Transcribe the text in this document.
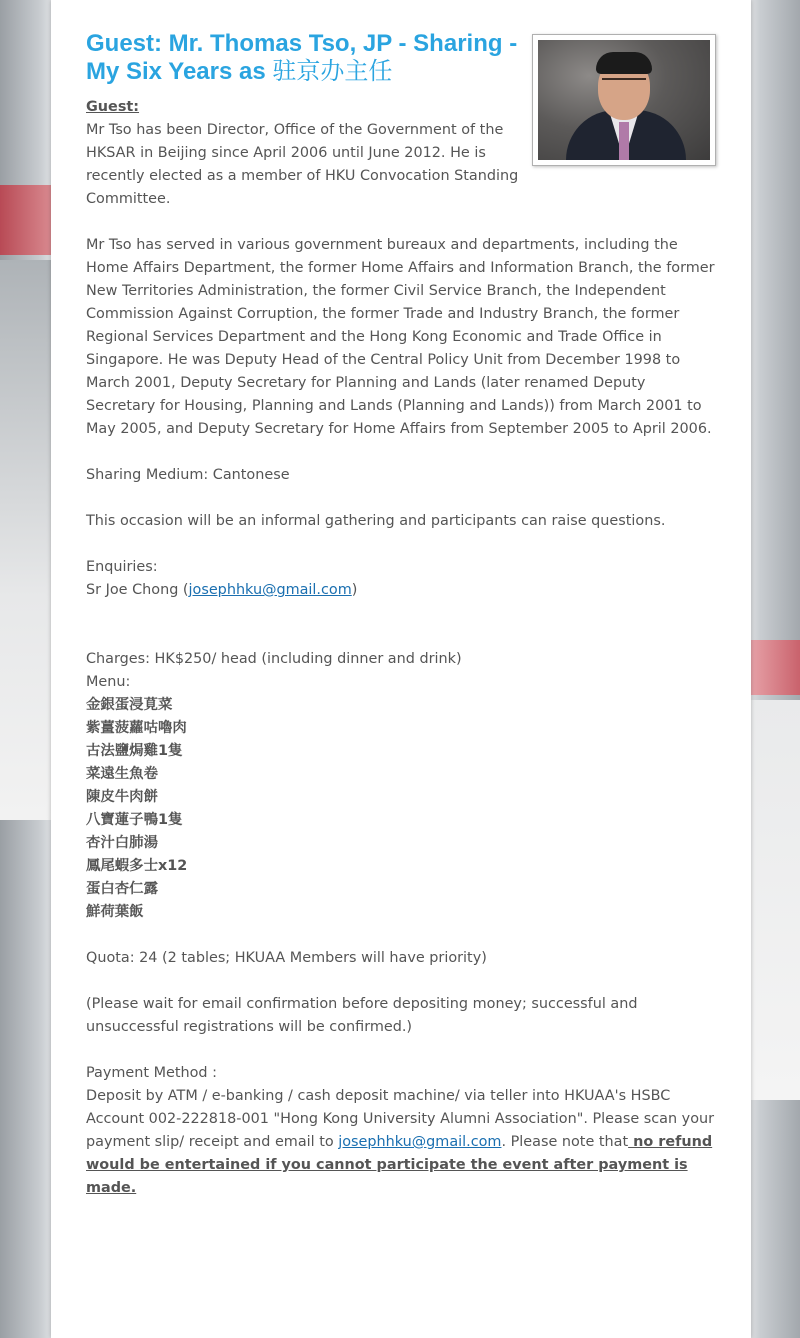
Guest: Mr. Thomas Tso, JP - Sharing - My Six Years as 驻京办主任

Guest:

Mr Tso has been Director, Office of the Government of the HKSAR in Beijing since April 2006 until June 2012. He is recently elected as a member of HKU Convocation Standing Committee.

Mr Tso has served in various government bureaux and departments, including the Home Affairs Department, the former Home Affairs and Information Branch, the former New Territories Administration, the former Civil Service Branch, the Independent Commission Against Corruption, the former Trade and Industry Branch, the former Regional Services Department and the Hong Kong Economic and Trade Office in Singapore. He was Deputy Head of the Central Policy Unit from December 1998 to March 2001, Deputy Secretary for Planning and Lands (later renamed Deputy Secretary for Housing, Planning and Lands (Planning and Lands)) from March 2001 to May 2005, and Deputy Secretary for Home Affairs from September 2005 to April 2006.

Sharing Medium: Cantonese

This occasion will be an informal gathering and participants can raise questions.

Enquiries:

Sr Joe Chong (josephhku@gmail.com)

Charges: HK$250/ head (including dinner and drink)

Menu:

金銀蛋浸莧菜

紫薑菠蘿咕嚕肉

古法鹽焗雞1隻

菜遠生魚卷

陳皮牛肉餅

八寶蓮子鴨1隻

杏汁白肺湯

鳳尾蝦多士x12

蛋白杏仁露

鮮荷葉飯

Quota: 24 (2 tables; HKUAA Members will have priority)

(Please wait for email confirmation before depositing money; successful and unsuccessful registrations will be confirmed.)

Payment Method :

Deposit by ATM / e-banking / cash deposit machine/ via teller into HKUAA's HSBC Account 002-222818-001 "Hong Kong University Alumni Association". Please scan your payment slip/ receipt and email to josephhku@gmail.com. Please note that no refund would be entertained if you cannot participate the event after payment is made.
